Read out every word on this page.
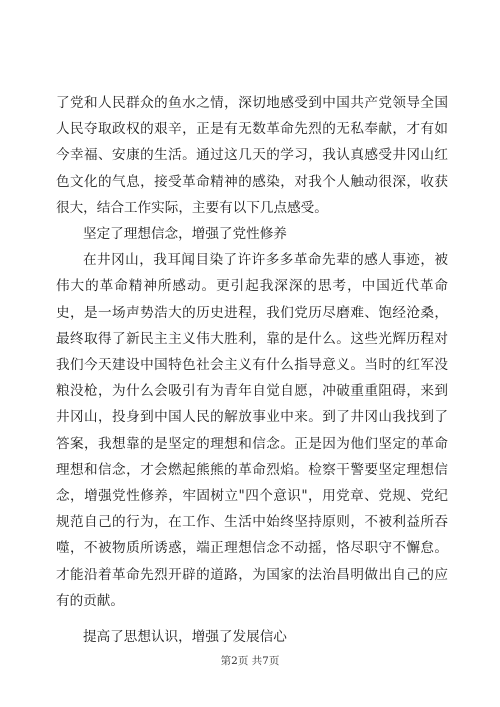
了党和人民群众的鱼水之情，深切地感受到中国共产党领导全国人民夺取政权的艰辛，正是有无数革命先烈的无私奉献，才有如今幸福、安康的生活。通过这几天的学习，我认真感受井冈山红色文化的气息，接受革命精神的感染，对我个人触动很深，收获很大，结合工作实际，主要有以下几点感受。

坚定了理想信念，增强了党性修养

在井冈山，我耳闻目染了许许多多革命先辈的感人事迹，被伟大的革命精神所感动。更引起我深深的思考，中国近代革命史，是一场声势浩大的历史进程，我们党历尽磨难、饱经沧桑，最终取得了新民主主义伟大胜利，靠的是什么。这些光辉历程对我们今天建设中国特色社会主义有什么指导意义。当时的红军没粮没枪，为什么会吸引有为青年自觉自愿，冲破重重阻碍，来到井冈山，投身到中国人民的解放事业中来。到了井冈山我找到了答案，我想靠的是坚定的理想和信念。正是因为他们坚定的革命理想和信念，才会燃起熊熊的革命烈焰。检察干警要坚定理想信念，增强党性修养，牢固树立"四个意识"，用党章、党规、党纪规范自己的行为，在工作、生活中始终坚持原则，不被利益所吞噬，不被物质所诱惑，端正理想信念不动摇，恪尽职守不懈怠。才能沿着革命先烈开辟的道路，为国家的法治昌明做出自己的应有的贡献。

提高了思想认识，增强了发展信心

第2页 共7页
